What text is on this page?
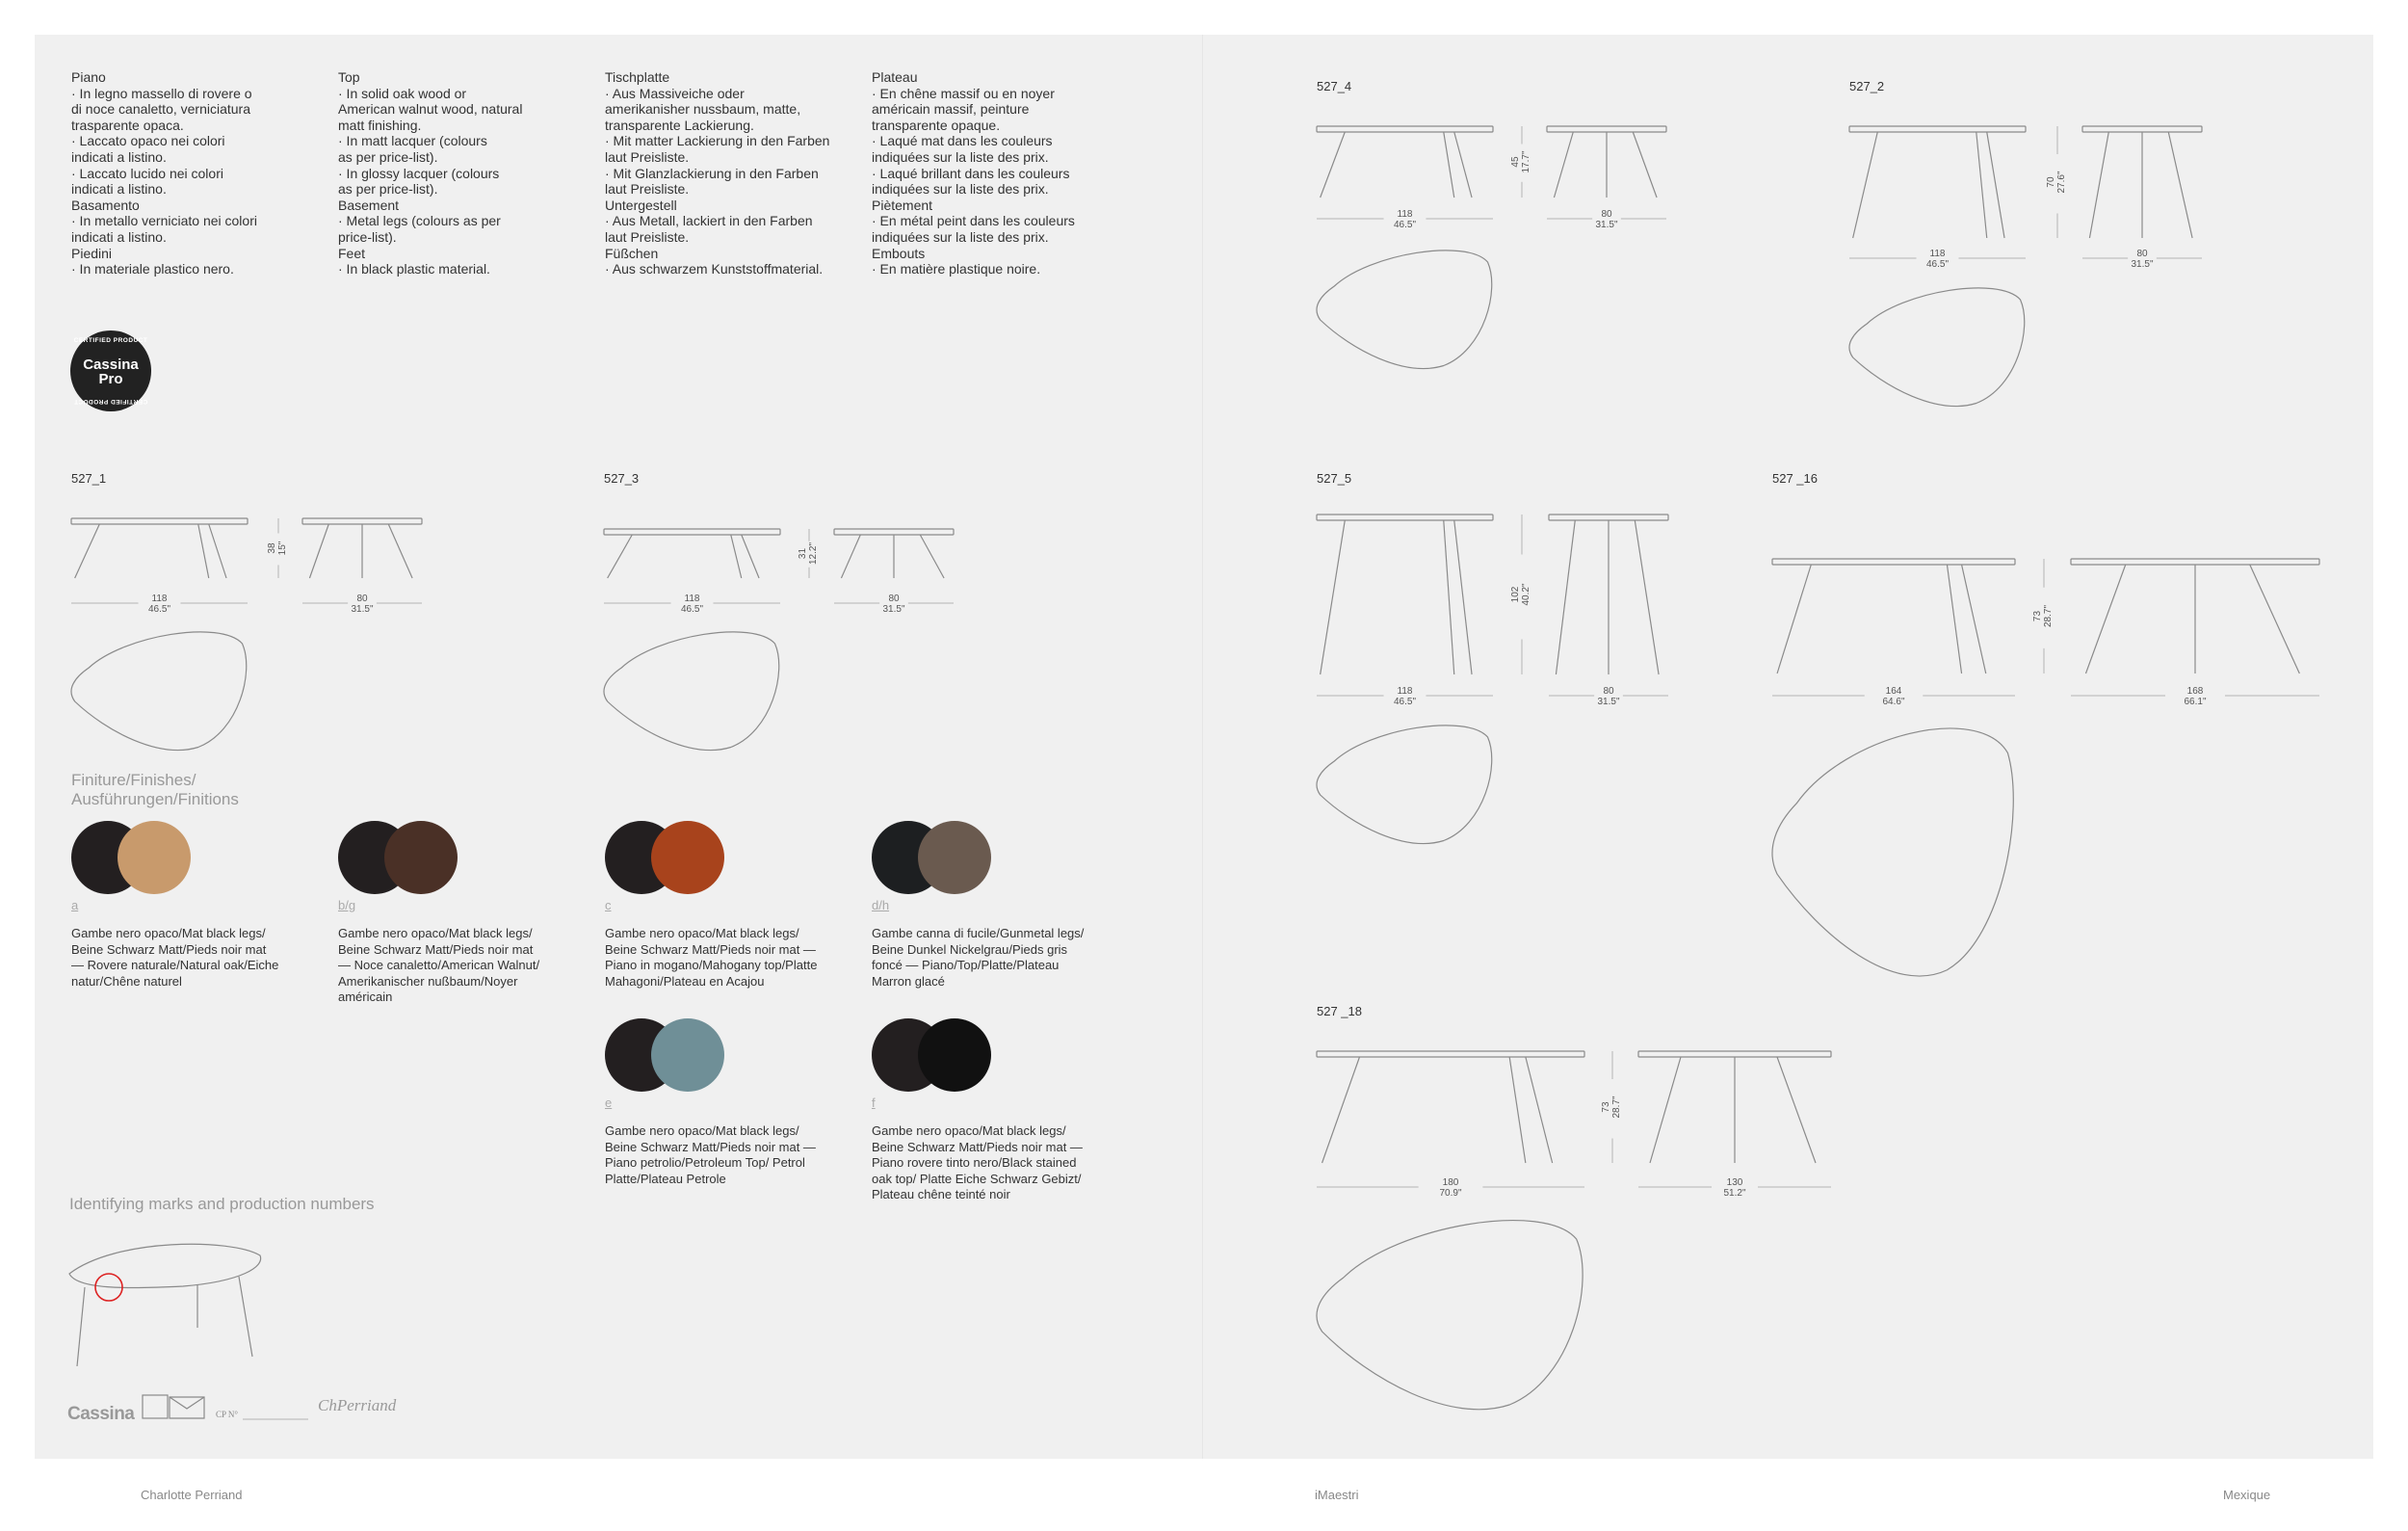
Piano
· In legno massello di rovere o
di noce canaletto, verniciatura
trasparente opaca.
· Laccato opaco nei colori
indicati a listino.
· Laccato lucido nei colori
indicati a listino.
Basamento
· In metallo verniciato nei colori
indicati a listino.
Piedini
· In materiale plastico nero.
Top
· In solid oak wood or
American walnut wood, natural
matt finishing.
· In matt lacquer (colours
as per price-list).
· In glossy lacquer (colours
as per price-list).
Basement
· Metal legs (colours as per
price-list).
Feet
· In black plastic material.
Tischplatte
· Aus Massiveiche oder
amerikanisher nussbaum, matte,
transparente Lackierung.
· Mit matter Lackierung in den Farben
laut Preisliste.
· Mit Glanzlackierung in den Farben
laut Preisliste.
Untergestell
· Aus Metall, lackiert in den Farben
laut Preisliste.
Füßchen
· Aus schwarzem Kunststoffmaterial.
Plateau
· En chêne massif ou en noyer
américain massif, peinture
transparente opaque.
· Laqué mat dans les couleurs
indiquées sur la liste des prix.
· Laqué brillant dans les couleurs
indiquées sur la liste des prix.
Piètement
· En métal peint dans les couleurs
indiquées sur la liste des prix.
Embouts
· En matière plastique noire.
CERTIFIED PRODUCT
Cassina
Pro
CERTIFIED PRODUCT
527_1	527_3
527_4	527_2
527_5	527 _16
527 _18
38 15"
118
46.5"
80
31.5"
31 12.2"
118
46.5"
80
31.5"
45 17.7"
118
46.5"
80
31.5"
70 27.6"
118
46.5"
80
31.5"
102 40.2"
118
46.5"
80
31.5"
73 28.7"
164
64.6"
168
66.1"
73 28.7"
180
70.9"
130
51.2"
Finiture/Finishes/
Ausführungen/Finitions
a
Gambe nero opaco/Mat black legs/
Beine Schwarz Matt/Pieds noir mat
— Rovere naturale/Natural oak/Eiche
natur/Chêne naturel
b/g
Gambe nero opaco/Mat black legs/
Beine Schwarz Matt/Pieds noir mat
— Noce canaletto/American Walnut/
Amerikanischer nußbaum/Noyer
américain
c
Gambe nero opaco/Mat black legs/
Beine Schwarz Matt/Pieds noir mat —
Piano in mogano/Mahogany top/Platte
Mahagoni/Plateau en Acajou
d/h
Gambe canna di fucile/Gunmetal legs/
Beine Dunkel Nickelgrau/Pieds gris
foncé — Piano/Top/Platte/Plateau
Marron glacé
e
Gambe nero opaco/Mat black legs/
Beine Schwarz Matt/Pieds noir mat —
Piano petrolio/Petroleum Top/ Petrol
Platte/Plateau Petrole
f
Gambe nero opaco/Mat black legs/
Beine Schwarz Matt/Pieds noir mat —
Piano rovere tinto nero/Black stained
oak top/ Platte Eiche Schwarz Gebizt/
Plateau chêne teinté noir
Identifying marks and production numbers
Cassina	CP N°	ChPerriand
Charlotte Perriand	iMaestri	Mexique
